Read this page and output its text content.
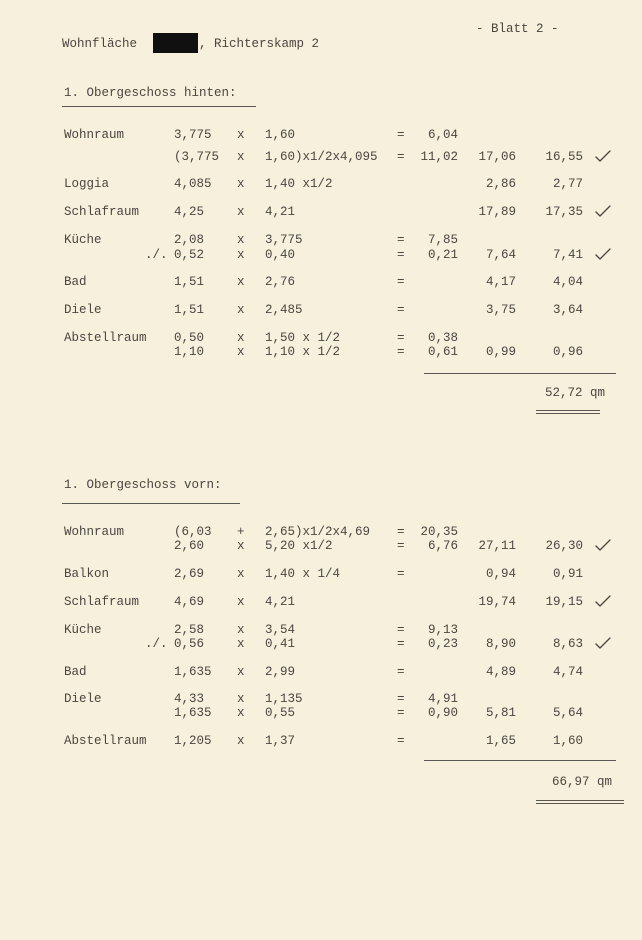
Wohnfläche	, Richterskamp 2
- Blatt 2 -
1. Obergeschoss hinten:
Wohnraum	3,775 x 1,60	=	6,04
(3,775 x 1,60)x1/2x4,095 =	11,02	17,06	16,55
Loggia	4,085 x 1,40 x1/2	2,86	2,77
Schlafraum	4,25	x 4,21	17,89	17,35
Küche	2,08	x 3,775	=	7,85
./. 0,52	x 0,40	=	0,21	7,64	7,41
Bad	1,51	x 2,76	=	4,17	4,04
Diele	1,51	x 2,485	=	3,75	3,64
Abstellraum 0,50	x 1,50 x 1/2	=	0,38
1,10	x 1,10 x 1/2	=	0,61	0,99	0,96
52,72 qm
1. Obergeschoss vorn:
Wohnraum	(6,03 + 2,65)x1/2x4,69 =	20,35
2,60	x 5,20 x1/2	=	6,76	27,11	26,30
Balkon	2,69	x 1,40 x 1/4	=	0,94	0,91
Schlafraum	4,69	x 4,21	19,74	19,15
Küche	2,58	x 3,54	=	9,13
./. 0,56	x 0,41	=	0,23	8,90	8,63
Bad	1,635 x 2,99	=	4,89	4,74
Diele	4,33	x 1,135	=	4,91
1,635 x 0,55	=	0,90	5,81	5,64
Abstellraum 1,205 x 1,37	=	1,65	1,60
66,97 qm
